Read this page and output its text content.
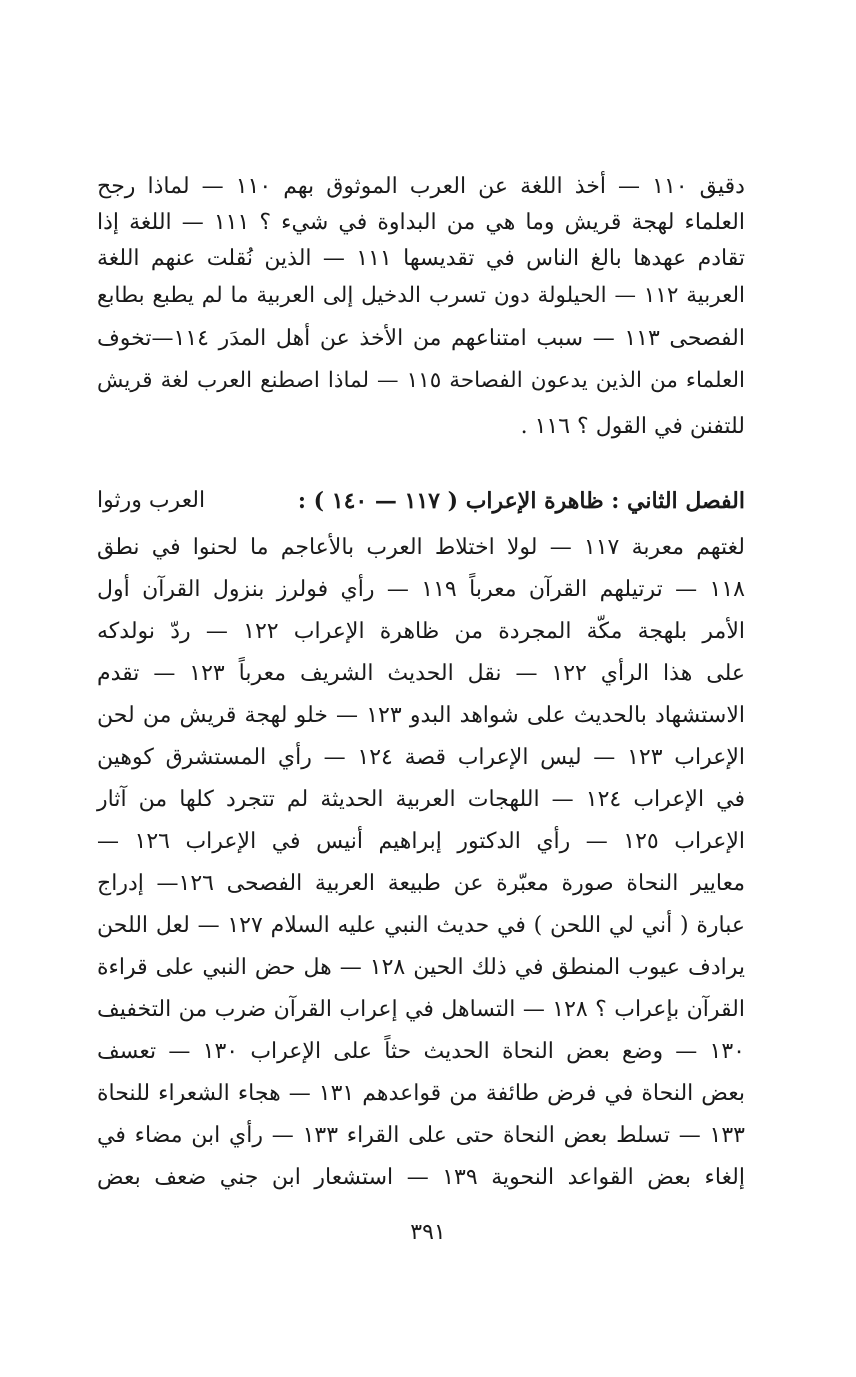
دقيق ١١٠ — أخذ اللغة عن العرب الموثوق بهم ١١٠ — لماذا رجح
العلماء لهجة قريش وما هي من البداوة في شيء ؟ ١١١ — اللغة إذا
تقادم عهدها بالغ الناس في تقديسها ١١١ — الذين نُقلت عنهم اللغة
العربية ١١٢ — الحيلولة دون تسرب الدخيل إلى العربية ما لم يطبع بطابع
الفصحى ١١٣ — سبب امتناعهم من الأخذ عن أهل المدَر ١١٤—تخوف
العلماء من الذين يدعون الفصاحة ١١٥ — لماذا اصطنع العرب لغة قريش
للتفنن في القول ؟ ١١٦ .
الفصل الثاني : ظاهرة الإعراب ( ١١٧ — ١٤٠ ) :
العرب ورثوا
لغتهم معربة ١١٧ — لولا اختلاط العرب بالأعاجم ما لحنوا في نطق
١١٨ — ترتيلهم القرآن معرباً ١١٩ — رأي فولرز بنزول القرآن أول
الأمر بلهجة مكّة المجردة من ظاهرة الإعراب ١٢٢ — ردّ نولدكه
على هذا الرأي ١٢٢ — نقل الحديث الشريف معرباً ١٢٣ — تقدم
الاستشهاد بالحديث على شواهد البدو ١٢٣ — خلو لهجة قريش من لحن
الإعراب ١٢٣ — ليس الإعراب قصة ١٢٤ — رأي المستشرق كوهين
في الإعراب ١٢٤ — اللهجات العربية الحديثة لم تتجرد كلها من آثار
الإعراب ١٢٥ — رأي الدكتور إبراهيم أنيس في الإعراب ١٢٦ —
معايير النحاة صورة معبّرة عن طبيعة العربية الفصحى ١٢٦— إدراج
عبارة ( أني لي اللحن ) في حديث النبي عليه السلام ١٢٧ — لعل اللحن
يرادف عيوب المنطق في ذلك الحين ١٢٨ — هل حض النبي على قراءة
القرآن بإعراب ؟ ١٢٨ — التساهل في إعراب القرآن ضرب من التخفيف
١٣٠ — وضع بعض النحاة الحديث حثاً على الإعراب ١٣٠ — تعسف
بعض النحاة في فرض طائفة من قواعدهم ١٣١ — هجاء الشعراء للنحاة
١٣٣ — تسلط بعض النحاة حتى على القراء ١٣٣ — رأي ابن مضاء في
إلغاء بعض القواعد النحوية ١٣٩ — استشعار ابن جني ضعف بعض
٣٩١
